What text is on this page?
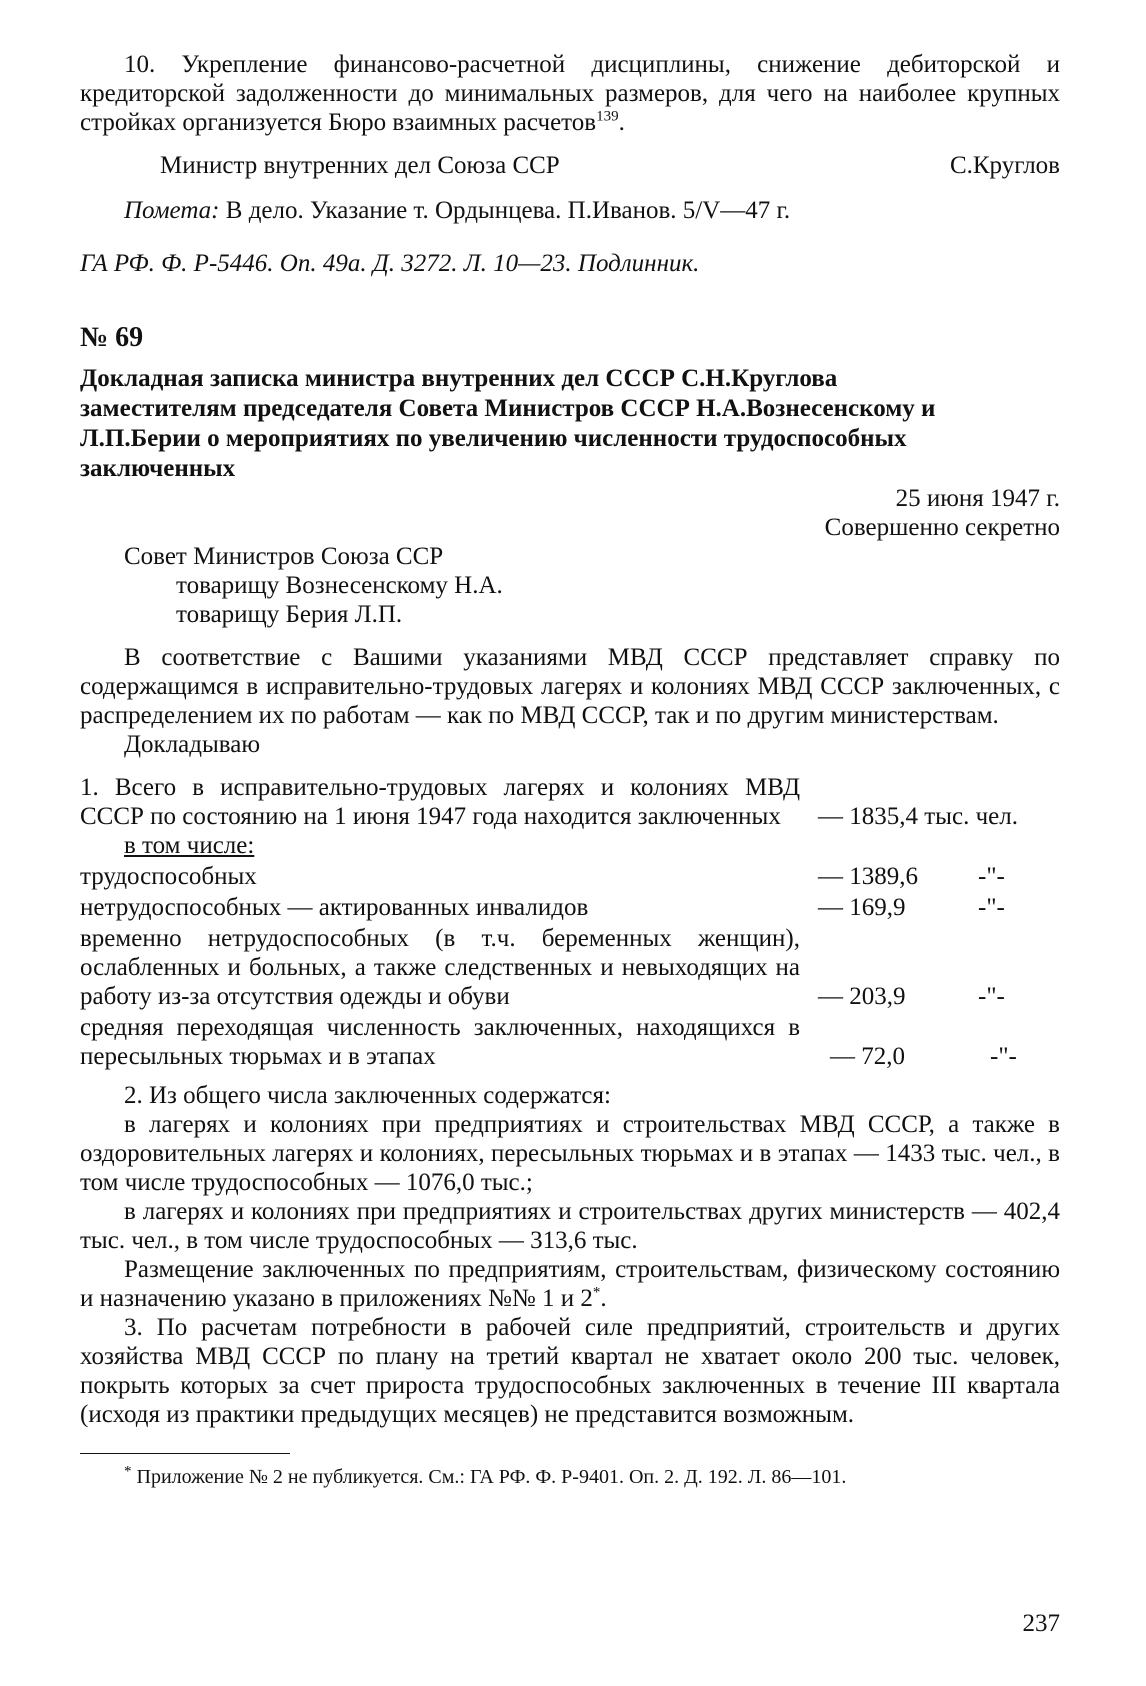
10. Укрепление финансово-расчетной дисциплины, снижение дебиторской и кредиторской задолженности до минимальных размеров, для чего на наиболее крупных стройках организуется Бюро взаимных расчетов$^{139}$.

Министр внутренних дел Союза ССР	С.Круглов

Помета: В дело. Указание т. Ордынцева. П.Иванов. 5/V—47 г.

ГА РФ. Ф. Р-5446. Оп. 49а. Д. 3272. Л. 10—23. Подлинник.

№ 69

Докладная записка министра внутренних дел СССР С.Н.Круглова заместителям председателя Совета Министров СССР Н.А.Вознесенскому и Л.П.Берии о мероприятиях по увеличению численности трудоспособных заключенных

25 июня 1947 г.

Совершенно секретно

Совет Министров Союза ССР

товарищу Вознесенскому Н.А.

товарищу Берия Л.П.

В соответствие с Вашими указаниями МВД СССР представляет справку по содержащимся в исправительно-трудовых лагерях и колониях МВД СССР заключенных, с распределением их по работам — как по МВД СССР, так и по другим министерствам.

Докладываю

1. Всего в исправительно-трудовых лагерях и колониях МВД СССР по состоянию на 1 июня 1947 года находится заключенных	— 1835,4 тыс. чел.

в том числе:

трудоспособных	— 1389,6	-"-
нетрудоспособных — актированных инвалидов	— 169,9	-"-
временно нетрудоспособных (в т.ч. беременных женщин), ослабленных и больных, а также следственных и невыходящих на работу из-за отсутствия одежды и обуви	— 203,9	-"-
средняя переходящая численность заключенных, находящихся в пересыльных тюрьмах и в этапах	— 72,0	-"-

2. Из общего числа заключенных содержатся:

в лагерях и колониях при предприятиях и строительствах МВД СССР, а также в оздоровительных лагерях и колониях, пересыльных тюрьмах и в этапах — 1433 тыс. чел., в том числе трудоспособных — 1076,0 тыс.;

в лагерях и колониях при предприятиях и строительствах других министерств — 402,4 тыс. чел., в том числе трудоспособных — 313,6 тыс.

Размещение заключенных по предприятиям, строительствам, физическому состоянию и назначению указано в приложениях №№ 1 и 2*.

3. По расчетам потребности в рабочей силе предприятий, строительств и других хозяйства МВД СССР по плану на третий квартал не хватает около 200 тыс. человек, покрыть которых за счет прироста трудоспособных заключенных в течение III квартала (исходя из практики предыдущих месяцев) не представится возможным.

* Приложение № 2 не публикуется. См.: ГА РФ. Ф. Р-9401. Оп. 2. Д. 192. Л. 86—101.

237
